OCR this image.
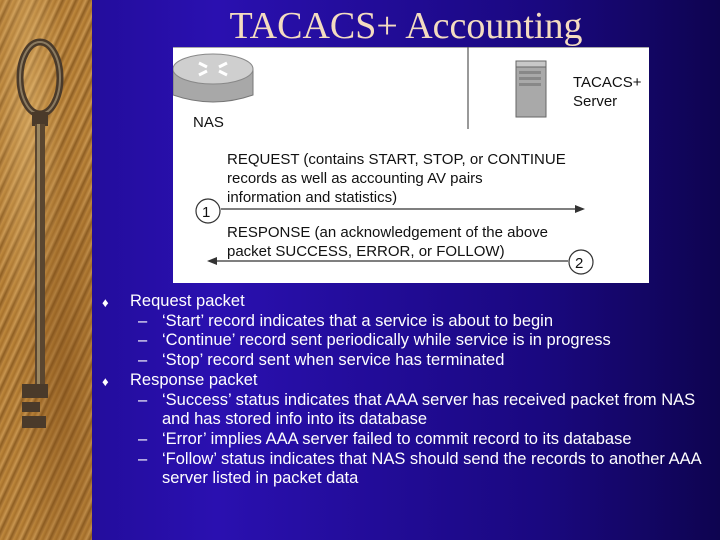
TACACS+ Accounting
1
2
NAS
TACACS+
Server
REQUEST (contains START, STOP, or CONTINUE
records as well as accounting AV pairs
information and statistics)
RESPONSE (an acknowledgement of the above
packet SUCCESS, ERROR, or FOLLOW)
♦ Request packet
– ‘Start’ record indicates that a service is about to begin
– ‘Continue’ record sent periodically while service is in progress
– ‘Stop’ record sent when service has terminated
♦ Response packet
– ‘Success’ status indicates that AAA server has received packet from NAS and has stored info into its database
– ‘Error’ implies AAA server failed to commit record to its database
– ‘Follow’ status indicates that NAS should send the records to another AAA server listed in packet data
